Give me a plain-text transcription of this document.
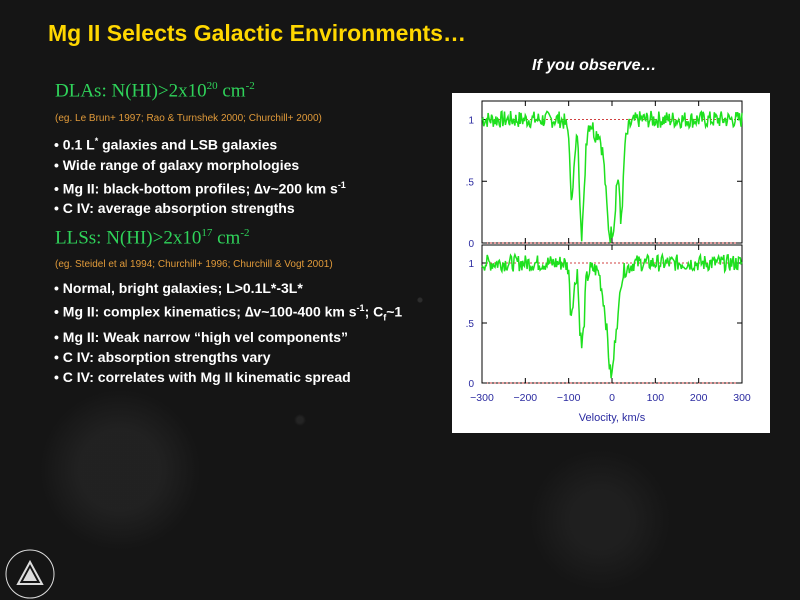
Mg II Selects Galactic Environments…
If you observe…
DLAs: $N(HI)>2x10^{20}$ $cm^{-2}$
(eg. Le Brun+ 1997; Rao & Turnshek 2000; Churchill+ 2000)
• 0.1 L* galaxies and LSB galaxies
• Wide range of galaxy morphologies
• Mg II: black-bottom profiles; ∆v~200 km $s^{-1}$
• C IV: average absorption strengths
LLSs: $N(HI)>2x10^{17}$ $cm^{-2}$
(eg. Steidel et al 1994; Churchill+ 1996; Churchill & Vogt 2001)
• Normal, bright galaxies; L>0.1L*-3L*
• Mg II: complex kinematics; ∆v~100-400 km $s^{-1}$; $C_f\sim 1$
• Mg II: Weak narrow “high vel components”
• C IV: absorption strengths vary
• C IV: correlates with Mg II kinematic spread
1
.5
0
1
.5
0
−300 −200 −100	0	100 200 300
Velocity, km/s
